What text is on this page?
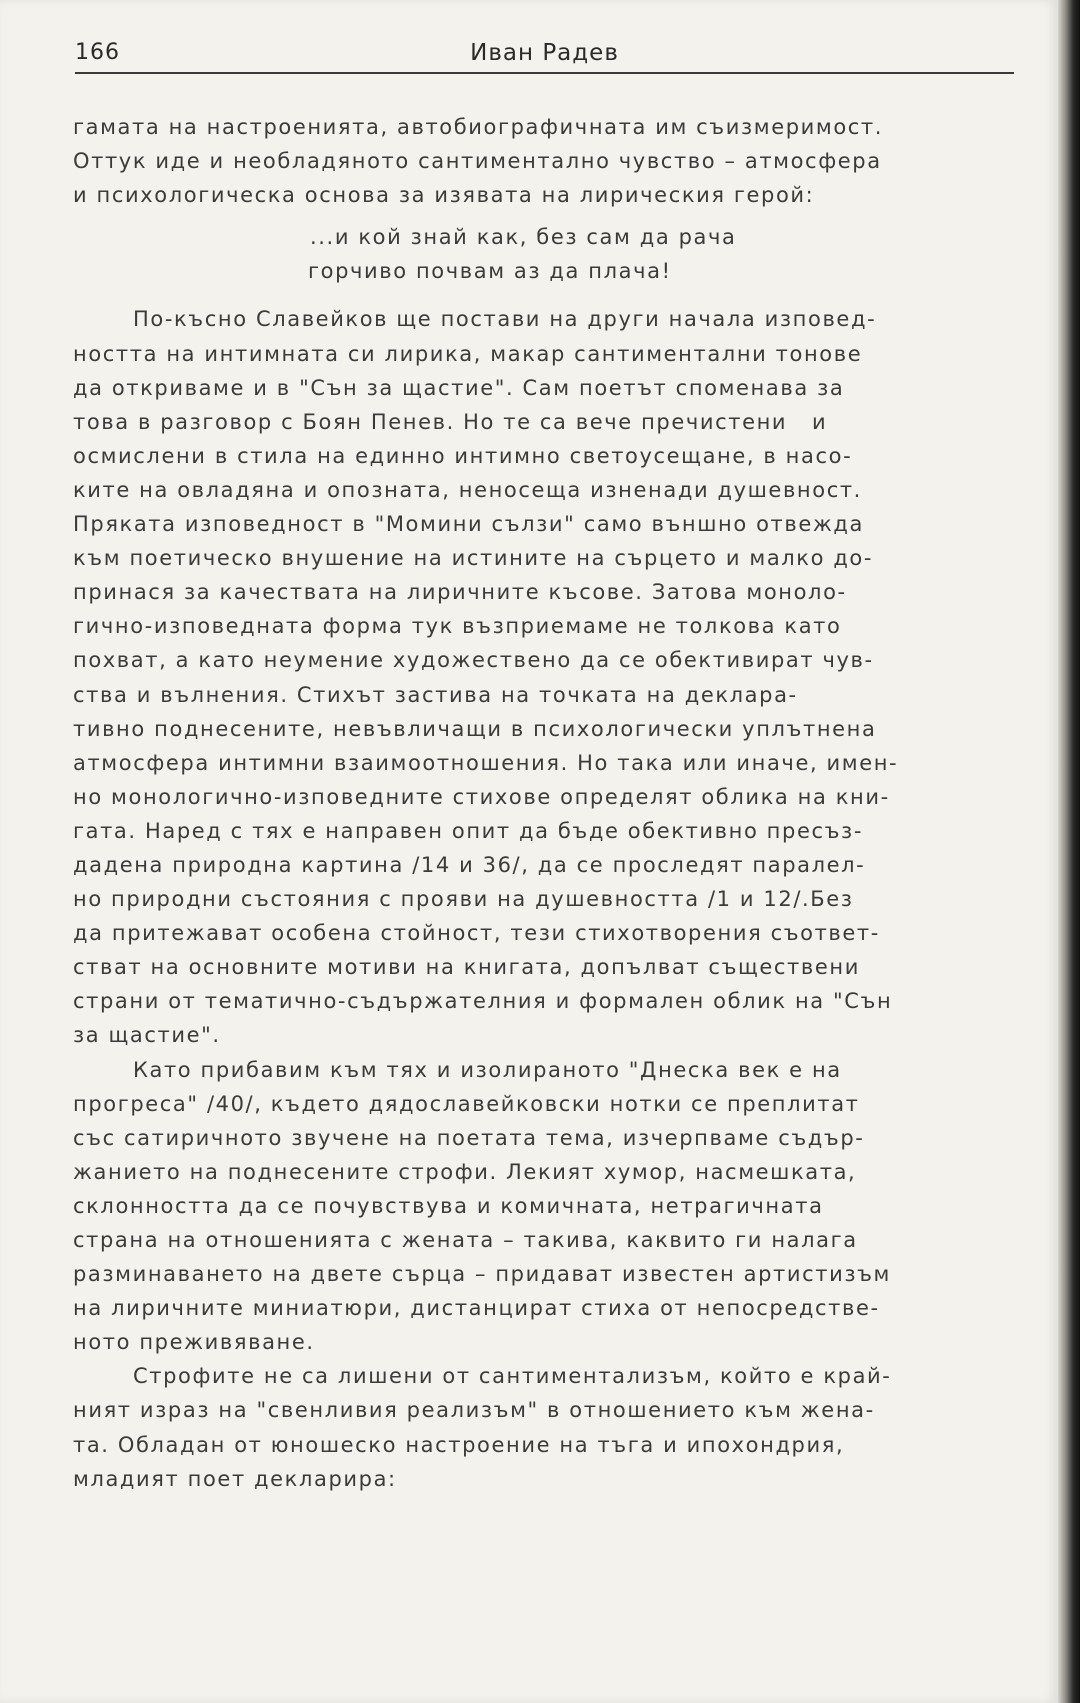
166	Иван Радев
гамата на настроенията, автобиографичната им съизмеримост.
Оттук иде и необладяното сантиментално чувство – атмосфера
и психологическа основа за изявата на лирическия герой:
...и кой знай как, без сам да рача
горчиво почвам аз да плача!
По-късно Славейков ще постави на други начала изповед-
ността на интимната си лирика, макар сантиментални тонове
да откриваме и в "Сън за щастие". Сам поетът споменава за
това в разговор с Боян Пенев. Но те са вече пречистени   и
осмислени в стила на единно интимно светоусещане, в насо-
ките на овладяна и опозната, неносеща изненади душевност.
Пряката изповедност в "Момини сълзи" само външно отвежда
към поетическо внушение на истините на сърцето и малко до-
принася за качествата на лиричните късове. Затова моноло-
гично-изповедната форма тук възприемаме не толкова като
похват, а като неумение художествено да се обективират чув-
ства и вълнения. Стихът застива на точката на деклара-
тивно поднесените, невъвличащи в психологически уплътнена
атмосфера интимни взаимоотношения. Но така или иначе, имен-
но монологично-изповедните стихове определят облика на кни-
гата. Наред с тях е направен опит да бъде обективно пресъз-
дадена природна картина /14 и 36/, да се проследят паралел-
но природни състояния с прояви на душевността /1 и 12/.Без
да притежават особена стойност, тези стихотворения съответ-
стват на основните мотиви на книгата, допълват съществени
страни от тематично-съдържателния и формален облик на "Сън
за щастие".
Като прибавим към тях и изолираното "Днеска век е на
прогреса" /40/, където дядославейковски нотки се преплитат
със сатиричното звучене на поетата тема, изчерпваме съдър-
жанието на поднесените строфи. Лекият хумор, насмешката,
склонността да се почувствува и комичната, нетрагичната
страна на отношенията с жената – такива, каквито ги налага
разминаването на двете сърца – придават известен артистизъм
на лиричните миниатюри, дистанцират стиха от непосредстве-
ното преживяване.
Строфите не са лишени от сантиментализъм, който е край-
ният израз на "свенливия реализъм" в отношението към жена-
та. Обладан от юношеско настроение на тъга и ипохондрия,
младият поет декларира:
